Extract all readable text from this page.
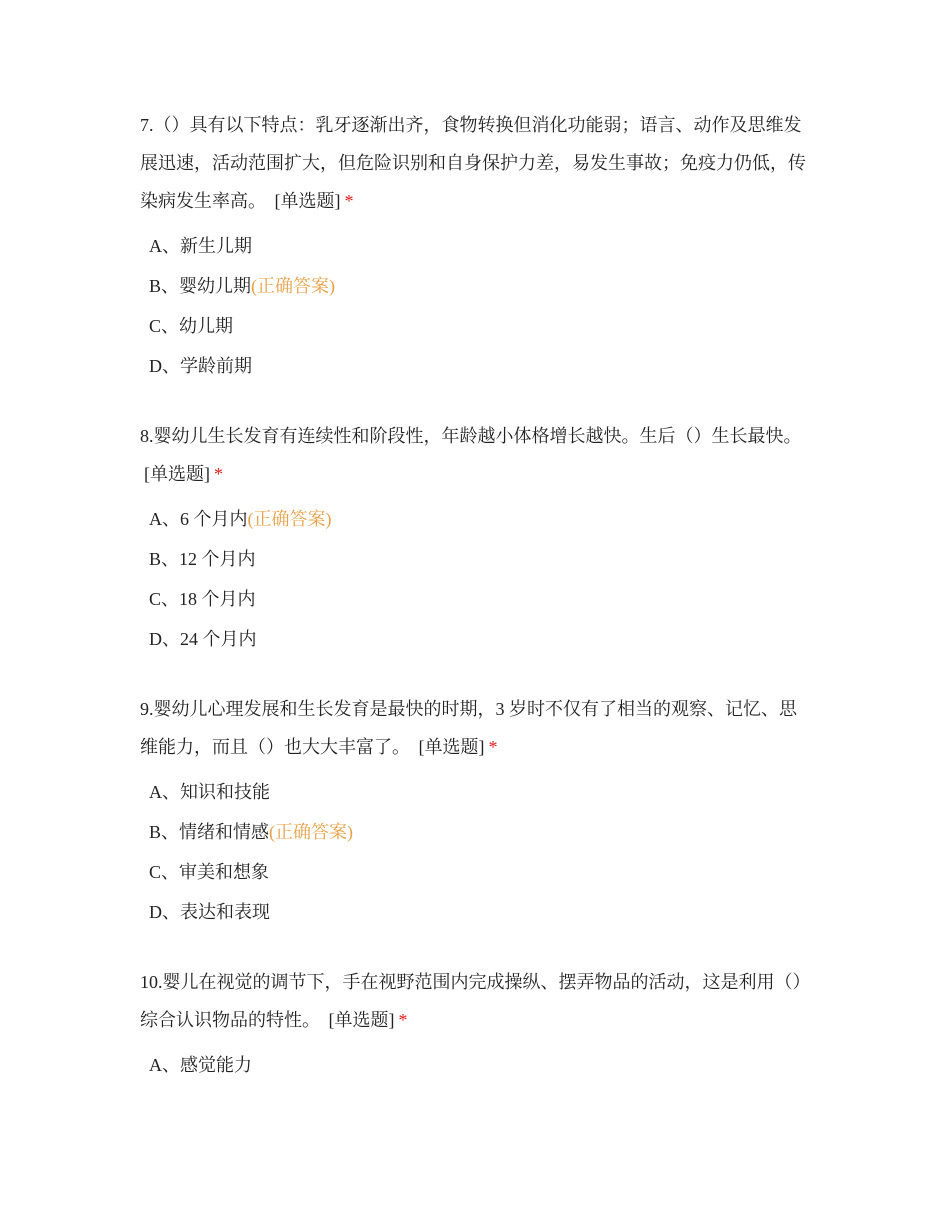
7.（）具有以下特点：乳牙逐渐出齐，食物转换但消化功能弱；语言、动作及思维发展迅速，活动范围扩大，但危险识别和自身保护力差，易发生事故；免疫力仍低，传染病发生率高。 [单选题] *

A、新生儿期
B、婴幼儿期(正确答案)
C、幼儿期
D、学龄前期

8.婴幼儿生长发育有连续性和阶段性，年龄越小体格增长越快。生后（）生长最快。 [单选题] *

A、6 个月内(正确答案)
B、12 个月内
C、18 个月内
D、24 个月内

9.婴幼儿心理发展和生长发育是最快的时期，3 岁时不仅有了相当的观察、记忆、思维能力，而且（）也大大丰富了。 [单选题] *

A、知识和技能
B、情绪和情感(正确答案)
C、审美和想象
D、表达和表现

10.婴儿在视觉的调节下，手在视野范围内完成操纵、摆弄物品的活动，这是利用（）综合认识物品的特性。 [单选题] *

A、感觉能力
